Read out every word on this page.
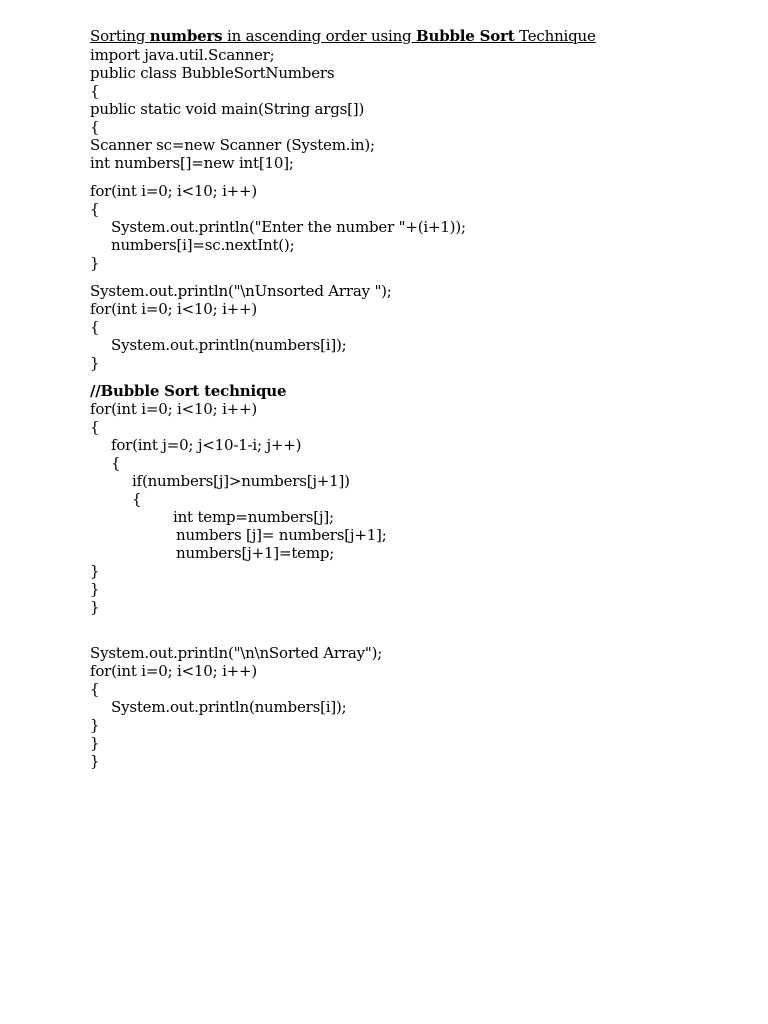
Sorting numbers in ascending order using Bubble Sort Technique
import java.util.Scanner;
public class BubbleSortNumbers
{
public static void main(String args[])
{
Scanner sc=new Scanner (System.in);
int numbers[]=new int[10];
for(int i=0; i<10; i++)
{
System.out.println("Enter the number "+(i+1));
numbers[i]=sc.nextInt();
}
System.out.println("\nUnsorted Array ");
for(int i=0; i<10; i++)
{
System.out.println(numbers[i]);
}
//Bubble Sort technique
for(int i=0; i<10; i++)
{
for(int j=0; j<10-1-i; j++)
{
if(numbers[j]>numbers[j+1])
{
int temp=numbers[j];
numbers [j]= numbers[j+1];
numbers[j+1]=temp;
}
}
}
System.out.println("\n\nSorted Array");
for(int i=0; i<10; i++)
{
System.out.println(numbers[i]);
}
}
}
